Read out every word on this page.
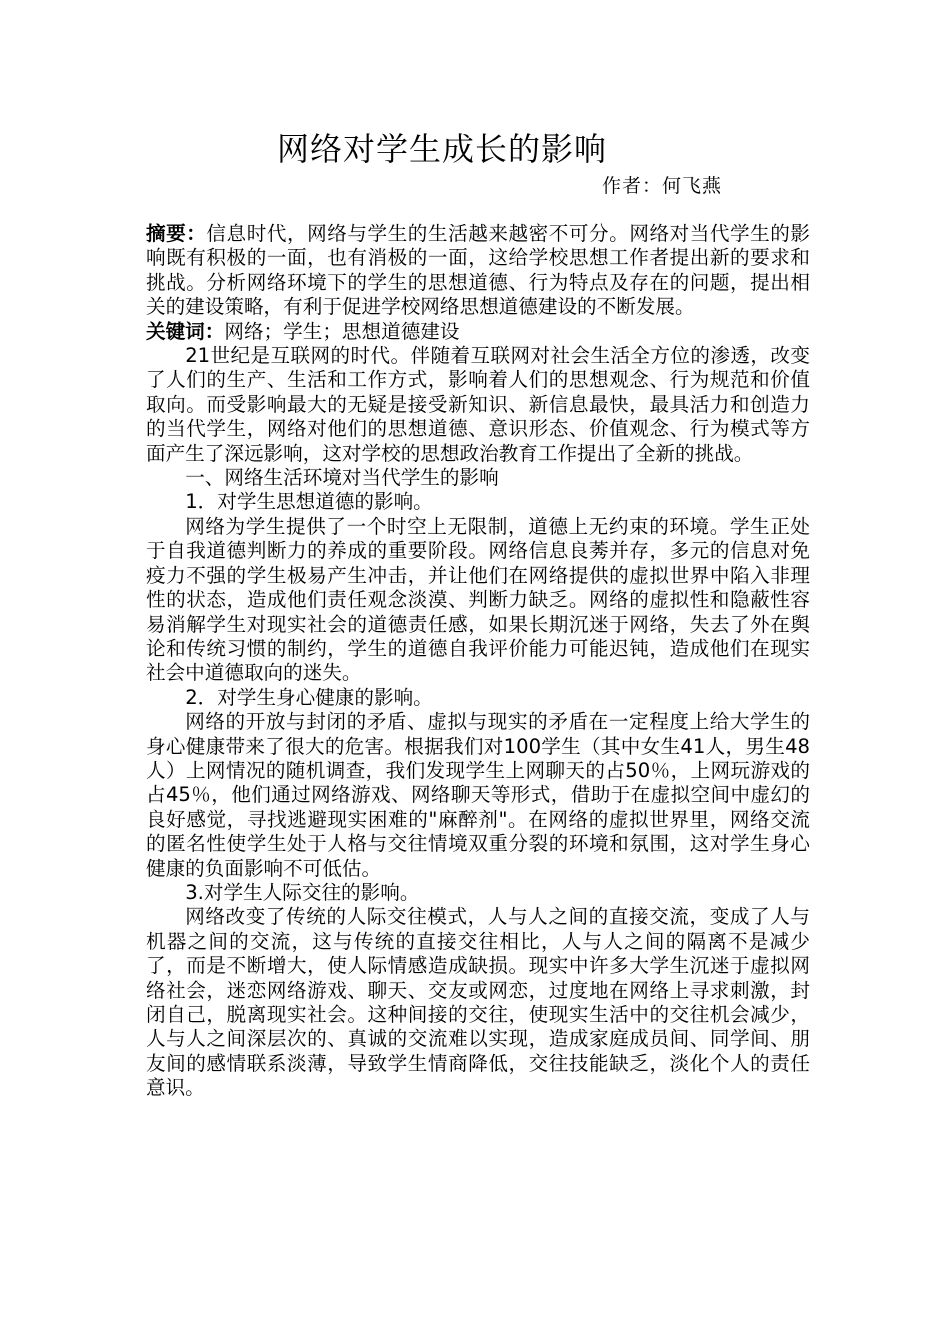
网络对学生成长的影响
作者：何飞燕

摘要：信息时代，网络与学生的生活越来越密不可分。网络对当代学生的影响既有积极的一面，也有消极的一面，这给学校思想工作者提出新的要求和挑战。分析网络环境下的学生的思想道德、行为特点及存在的问题，提出相关的建设策略，有利于促进学校网络思想道德建设的不断发展。

关键词：网络；学生；思想道德建设

21世纪是互联网的时代。伴随着互联网对社会生活全方位的渗透，改变了人们的生产、生活和工作方式，影响着人们的思想观念、行为规范和价值取向。而受影响最大的无疑是接受新知识、新信息最快，最具活力和创造力的当代学生，网络对他们的思想道德、意识形态、价值观念、行为模式等方面产生了深远影响，这对学校的思想政治教育工作提出了全新的挑战。

一、网络生活环境对当代学生的影响

1．对学生思想道德的影响。

网络为学生提供了一个时空上无限制，道德上无约束的环境。学生正处于自我道德判断力的养成的重要阶段。网络信息良莠并存，多元的信息对免疫力不强的学生极易产生冲击，并让他们在网络提供的虚拟世界中陷入非理性的状态，造成他们责任观念淡漠、判断力缺乏。网络的虚拟性和隐蔽性容易消解学生对现实社会的道德责任感，如果长期沉迷于网络，失去了外在舆论和传统习惯的制约，学生的道德自我评价能力可能迟钝，造成他们在现实社会中道德取向的迷失。

2．对学生身心健康的影响。

网络的开放与封闭的矛盾、虚拟与现实的矛盾在一定程度上给大学生的身心健康带来了很大的危害。根据我们对100学生（其中女生41人，男生48人）上网情况的随机调查，我们发现学生上网聊天的占50％，上网玩游戏的占45％，他们通过网络游戏、网络聊天等形式，借助于在虚拟空间中虚幻的良好感觉，寻找逃避现实困难的"麻醉剂"。在网络的虚拟世界里，网络交流的匿名性使学生处于人格与交往情境双重分裂的环境和氛围，这对学生身心健康的负面影响不可低估。

3.对学生人际交往的影响。

网络改变了传统的人际交往模式，人与人之间的直接交流，变成了人与机器之间的交流，这与传统的直接交往相比，人与人之间的隔离不是减少了，而是不断增大，使人际情感造成缺损。现实中许多大学生沉迷于虚拟网络社会，迷恋网络游戏、聊天、交友或网恋，过度地在网络上寻求刺激，封闭自己，脱离现实社会。这种间接的交往，使现实生活中的交往机会减少，人与人之间深层次的、真诚的交流难以实现，造成家庭成员间、同学间、朋友间的感情联系淡薄，导致学生情商降低，交往技能缺乏，淡化个人的责任意识。
